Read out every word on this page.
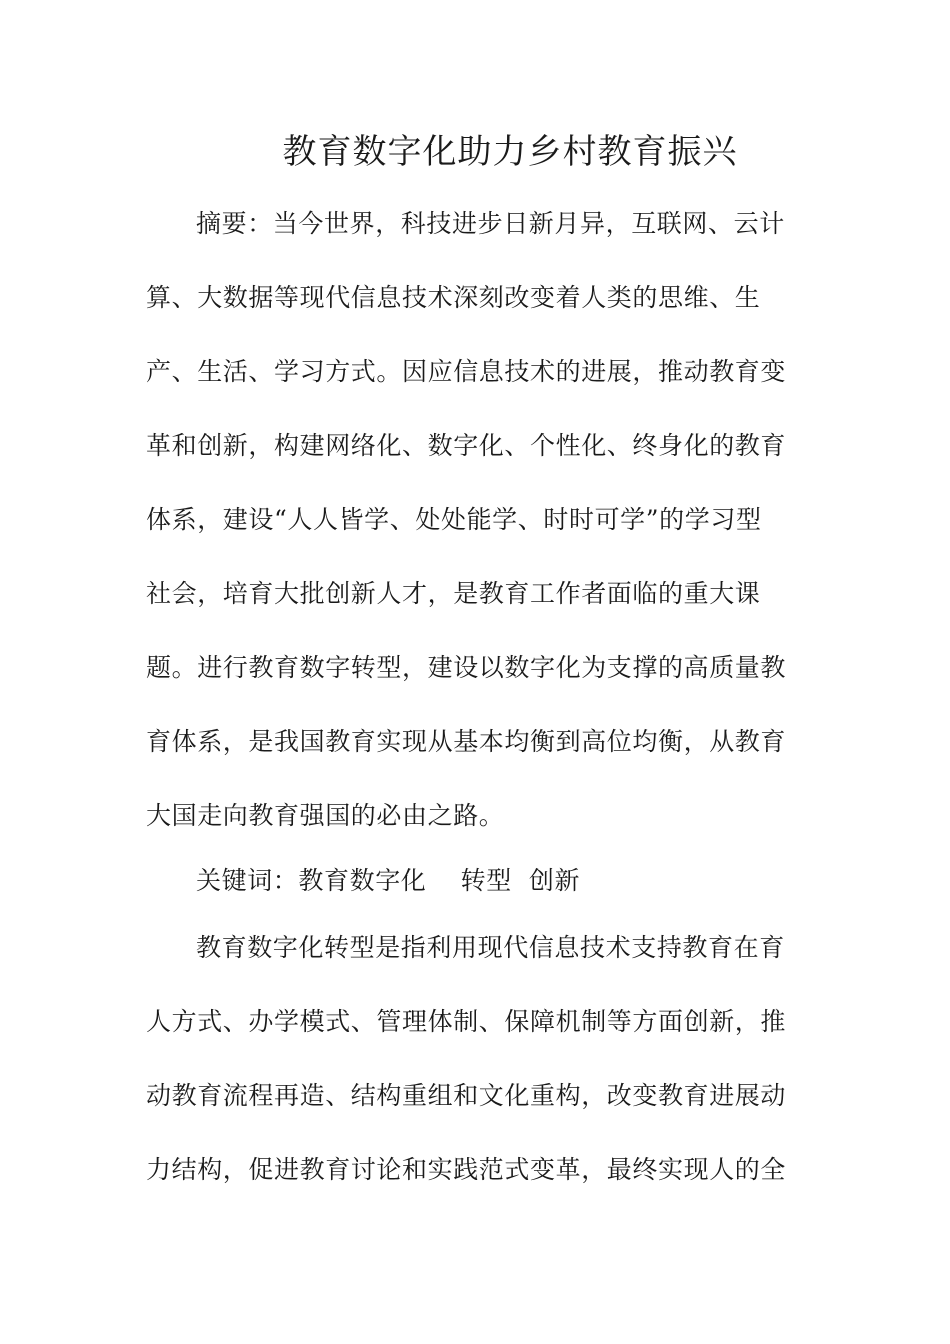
教育数字化助力乡村教育振兴
摘要：当今世界，科技进步日新月异，互联网、云计
算、大数据等现代信息技术深刻改变着人类的思维、生
产、生活、学习方式。因应信息技术的进展，推动教育变
革和创新，构建网络化、数字化、个性化、终身化的教育
体系，建设“人人皆学、处处能学、时时可学”的学习型
社会，培育大批创新人才，是教育工作者面临的重大课
题。进行教育数字转型，建设以数字化为支撑的高质量教
育体系，是我国教育实现从基本均衡到高位均衡，从教育
大国走向教育强国的必由之路。
关键词：教育数字化    转型  创新
教育数字化转型是指利用现代信息技术支持教育在育
人方式、办学模式、管理体制、保障机制等方面创新，推
动教育流程再造、结构重组和文化重构，改变教育进展动
力结构，促进教育讨论和实践范式变革，最终实现人的全
